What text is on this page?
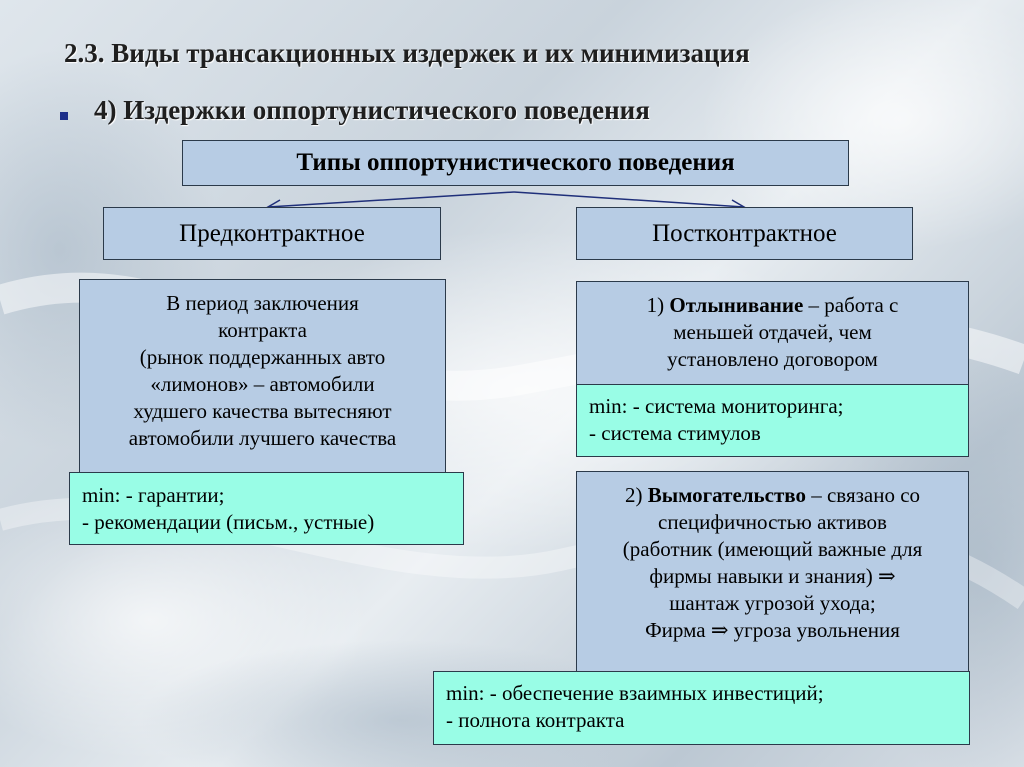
2.3. Виды трансакционных издержек и их минимизация
4) Издержки оппортунистического поведения
Типы оппортунистического поведения
Предконтрактное	Постконтрактное
В период заключения
контракта
(рынок поддержанных авто
«лимонов» – автомобили
худшего качества вытесняют
автомобили лучшего качества
min: - гарантии;
- рекомендации (письм., устные)
1) Отлынивание – работа с
меньшей отдачей, чем
установлено договором
min: - система мониторинга;
- система стимулов
2) Вымогательство – связано со
специфичностью активов
(работник (имеющий важные для
фирмы навыки и знания) ⇒
шантаж угрозой ухода;
Фирма ⇒ угроза увольнения
min: - обеспечение взаимных инвестиций;
- полнота контракта
